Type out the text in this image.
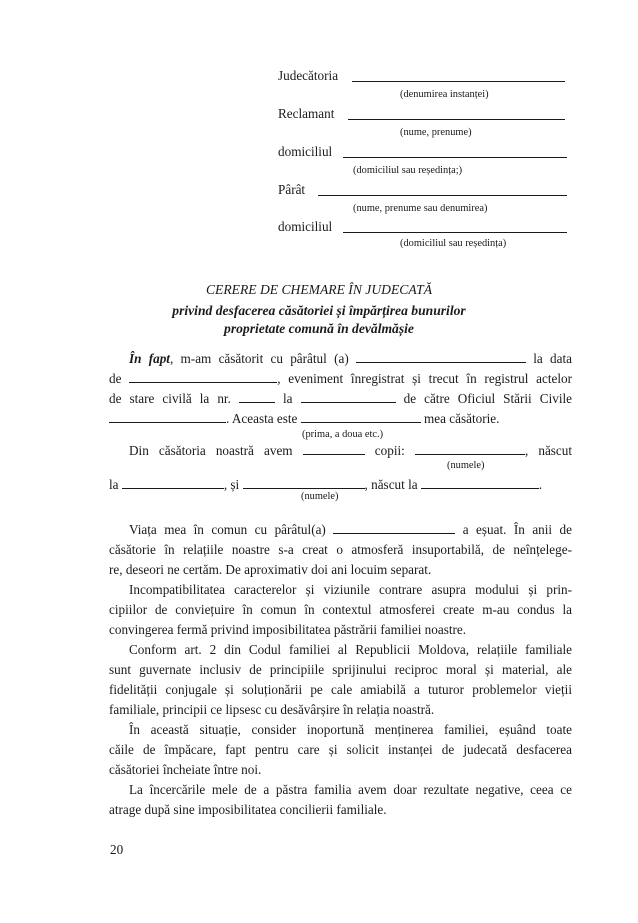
Judecătoria
(denumirea instanței)
Reclamant
(nume, prenume)
domiciliul
(domiciliul sau reședința;)
Pârât
(nume, prenume sau denumirea)
domiciliul
(domiciliul sau reședința)
CERERE DE CHEMARE ÎN JUDECATĂ
privind desfacerea căsătoriei și împărțirea bunurilor
proprietate comună în devălmășie
În fapt, m-am căsătorit cu pârâtul (a)	la data
de	, eveniment înregistrat și trecut în registrul actelor
de stare civilă la nr.	la	de către Oficiul Stării Civile
. Aceasta este	mea căsătorie.
(prima, a doua etc.)
Din căsătoria noastră avem	copii:	, născut
(numele)
la	, și	, născut la	.
(numele)
Viața mea în comun cu pârâtul(a)	a eșuat. În anii de
căsătorie în relațiile noastre s-a creat o atmosferă insuportabilă, de neînțelege-
re, deseori ne certăm. De aproximativ doi ani locuim separat.
Incompatibilitatea caracterelor și viziunile contrare asupra modului și prin-
cipiilor de conviețuire în comun în contextul atmosferei create m-au condus la
convingerea fermă privind imposibilitatea păstrării familiei noastre.
Conform art. 2 din Codul familiei al Republicii Moldova, relațiile familiale
sunt guvernate inclusiv de principiile sprijinului reciproc moral și material, ale
fidelității conjugale și soluționării pe cale amiabilă a tuturor problemelor vieții
familiale, principii ce lipsesc cu desăvârșire în relația noastră.
În această situație, consider inoportună menținerea familiei, eșuând toate
căile de împăcare, fapt pentru care și solicit instanței de judecată desfacerea
căsătoriei încheiate între noi.
La încercările mele de a păstra familia avem doar rezultate negative, ceea ce
atrage după sine imposibilitatea concilierii familiale.
20
